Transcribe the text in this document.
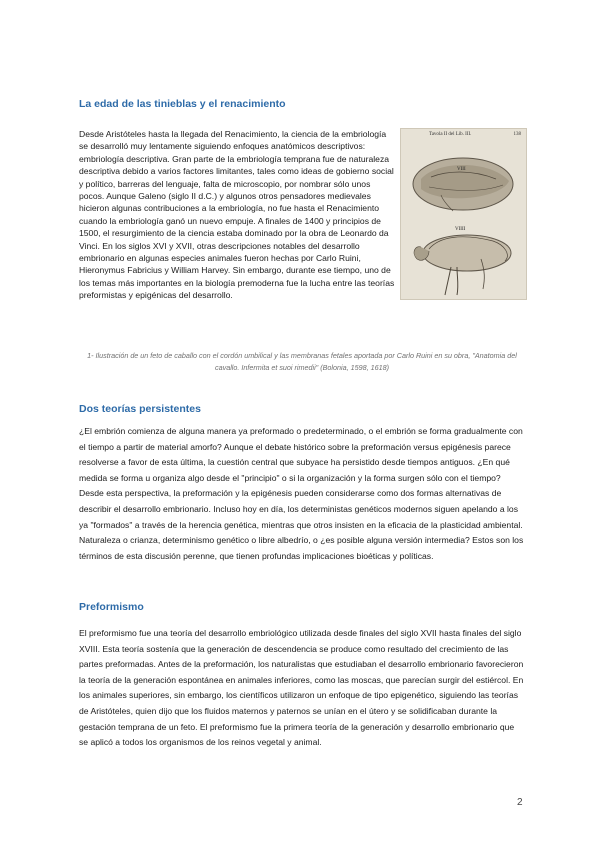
La edad de las tinieblas y el renacimiento

Desde Aristóteles hasta la llegada del Renacimiento, la ciencia de la embriología se desarrolló muy lentamente siguiendo enfoques anatómicos descriptivos: embriología descriptiva. Gran parte de la embriología temprana fue de naturaleza descriptiva debido a varios factores limitantes, tales como ideas de gobierno social y político, barreras del lenguaje, falta de microscopio, por nombrar sólo unos pocos. Aunque Galeno (siglo II d.C.) y algunos otros pensadores medievales hicieron algunas contribuciones a la embriología, no fue hasta el Renacimiento cuando la embriología ganó un nuevo empuje. A finales de 1400 y principios de 1500, el resurgimiento de la ciencia estaba dominado por la obra de Leonardo da Vinci. En los siglos XVI y XVII, otras descripciones notables del desarrollo embrionario en algunas especies animales fueron hechas por Carlo Ruini, Hieronymus Fabricius y William Harvey. Sin embargo, durante ese tiempo, uno de los temas más importantes en la biología premoderna fue la lucha entre las teorías preformistas y epigénicas del desarrollo.

Tavola II del Lib. III.	138
VIII
VIIII

1- Ilustración de un feto de caballo con el cordón umbilical y las membranas fetales aportada por Carlo Ruini en su obra, "Anatomia del cavallo. Infermita et suoi rimedii" (Bolonia, 1598, 1618)

Dos teorías persistentes

¿El embrión comienza de alguna manera ya preformado o predeterminado, o el embrión se forma gradualmente con el tiempo a partir de material amorfo? Aunque el debate histórico sobre la preformación versus epigénesis parece resolverse a favor de esta última, la cuestión central que subyace ha persistido desde tiempos antiguos. ¿En qué medida se forma u organiza algo desde el "principio" o si la organización y la forma surgen sólo con el tiempo? Desde esta perspectiva, la preformación y la epigénesis pueden considerarse como dos formas alternativas de describir el desarrollo embrionario. Incluso hoy en día, los deterministas genéticos modernos siguen apelando a los ya "formados" a través de la herencia genética, mientras que otros insisten en la eficacia de la plasticidad ambiental. Naturaleza o crianza, determinismo genético o libre albedrío, o ¿es posible alguna versión intermedia? Estos son los términos de esta discusión perenne, que tienen profundas implicaciones bioéticas y políticas.

Preformismo

El preformismo fue una teoría del desarrollo embriológico utilizada desde finales del siglo XVII hasta finales del siglo XVIII. Esta teoría sostenía que la generación de descendencia se produce como resultado del crecimiento de las partes preformadas. Antes de la preformación, los naturalistas que estudiaban el desarrollo embrionario favorecieron la teoría de la generación espontánea en animales inferiores, como las moscas, que parecían surgir del estiércol. En los animales superiores, sin embargo, los científicos utilizaron un enfoque de tipo epigenético, siguiendo las teorías de Aristóteles, quien dijo que los fluidos maternos y paternos se unían en el útero y se solidificaban durante la gestación temprana de un feto. El preformismo fue la primera teoría de la generación y desarrollo embrionario que se aplicó a todos los organismos de los reinos vegetal y animal.

2
